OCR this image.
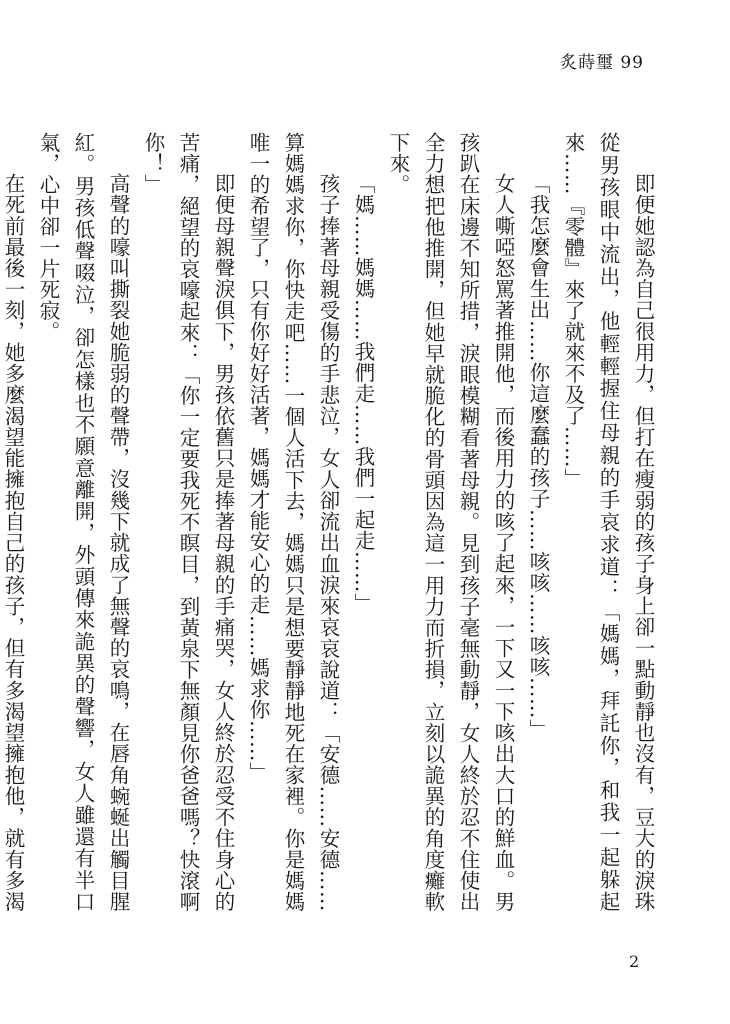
炙蒔璽 99

即便她認為自己很用力，但打在瘦弱的孩子身上卻一點動靜也沒有，豆大的淚珠從男孩眼中流出，他輕輕握住母親的手哀求道：「媽媽，拜託你，和我一起躲起來……『零體』來了就來不及了……」

「我怎麼會生出……你這麼蠢的孩子……咳咳……咳咳……」

女人嘶啞怒罵著推開他，而後用力的咳了起來，一下又一下咳出大口的鮮血。男孩趴在床邊不知所措，淚眼模糊看著母親。見到孩子毫無動靜，女人終於忍不住使出全力想把他推開，但她早就脆化的骨頭因為這一用力而折損，立刻以詭異的角度癱軟下來。

「媽……媽媽……我們走……我們一起走……」

孩子捧著母親受傷的手悲泣，女人卻流出血淚來哀哀說道：「安德……安德……算媽媽求你，你快走吧……一個人活下去，媽媽只是想要靜靜地死在家裡。你是媽媽唯一的希望了，只有你好好活著，媽媽才能安心的走……媽求你……」

即便母親聲淚俱下，男孩依舊只是捧著母親的手痛哭，女人終於忍受不住身心的苦痛，絕望的哀嚎起來：「你一定要我死不瞑目，到黃泉下無顏見你爸爸嗎？快滾啊你！」

高聲的嚎叫撕裂她脆弱的聲帶，沒幾下就成了無聲的哀鳴，在唇角蜿蜒出觸目腥紅。男孩低聲啜泣，卻怎樣也不願意離開，外頭傳來詭異的聲響，女人雖還有半口氣，心中卻一片死寂。

在死前最後一刻，她多麼渴望能擁抱自己的孩子，但有多渴望擁抱他，就有多渴

2
